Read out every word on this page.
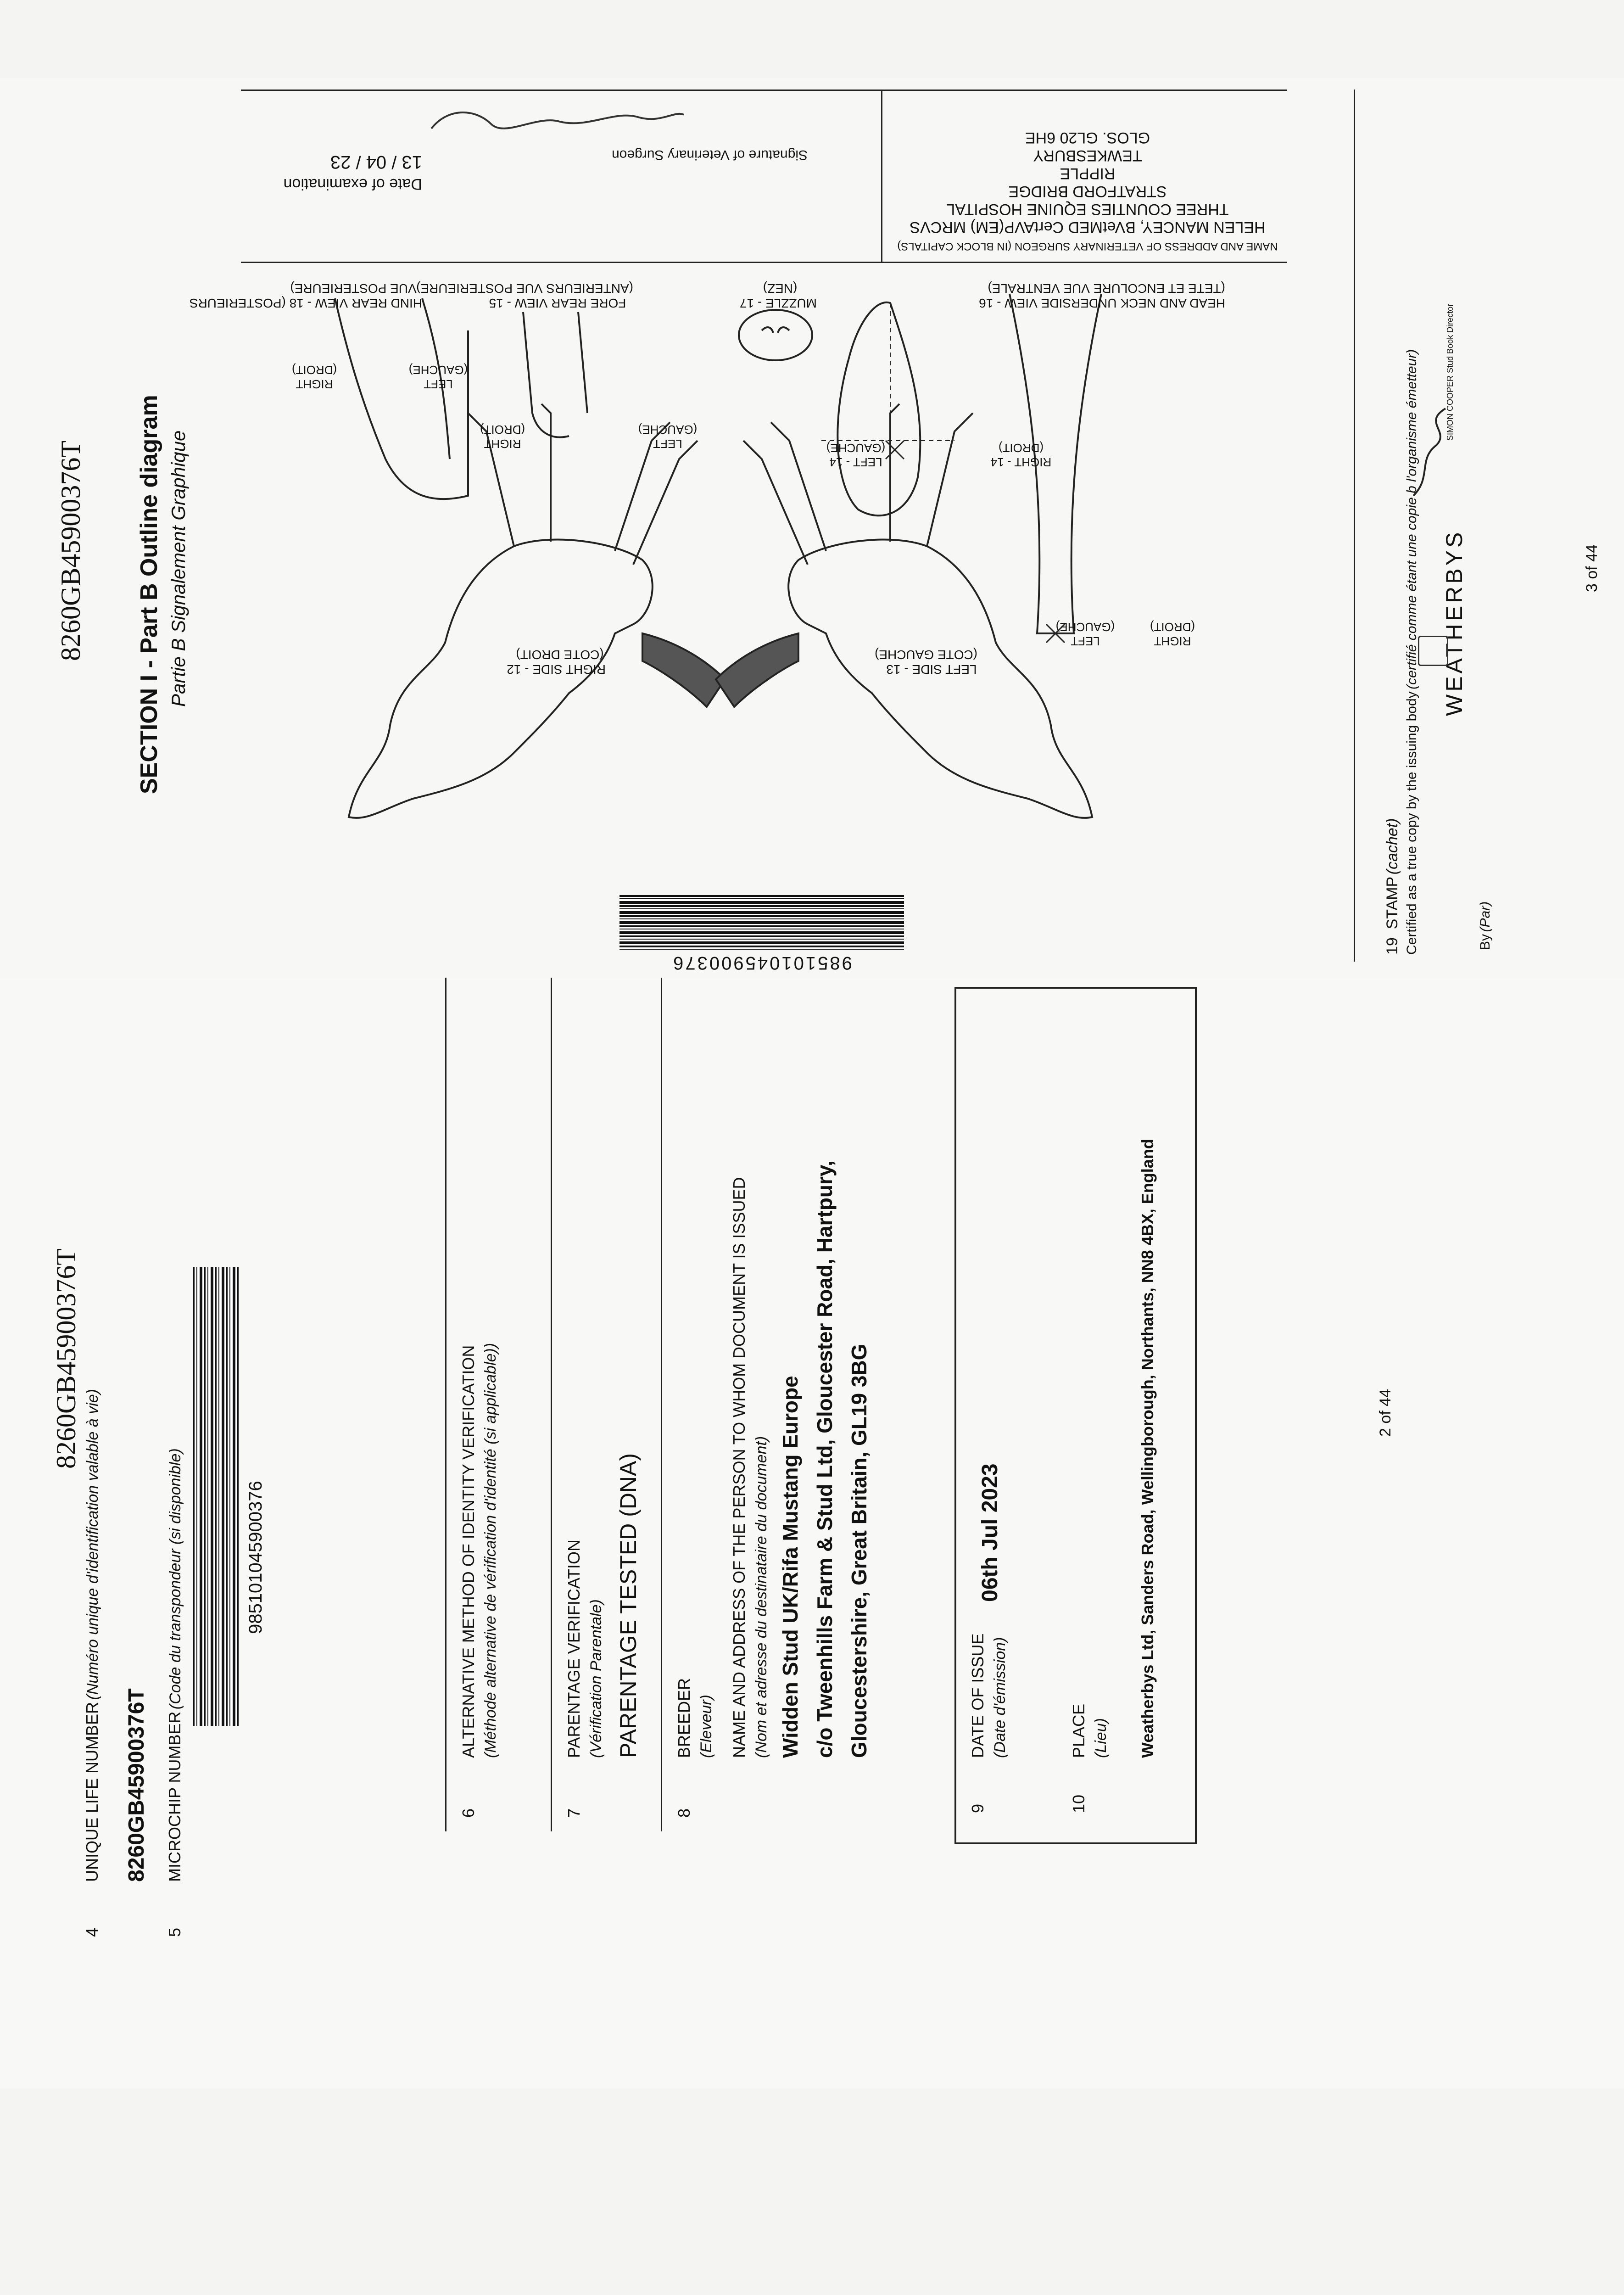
8260GB45900376T SECTION I - Part B Outline diagram Partie B Signalement Graphique
HIND REAR VIEW - 18 (POSTERIEURS
VUE POSTERIEURE)
FORE REAR VIEW - 15
(ANTERIEURS VUE POSTERIEURE)
MUZZLE - 17
(NEZ)
HEAD AND NECK UNDERSIDE VIEW - 16
(TETE ET ENCOLURE VUE VENTRALE)
RIGHT SIDE - 12
(COTE DROIT)
LEFT SIDE - 13
(COTE GAUCHE)
LEFT - 14
(GAUCHE)
RIGHT - 14
(DROIT)
RIGHT
(DROIT)
LEFT
(GAUCHE)
RIGHT
(DROIT)
LEFT
(GAUCHE)
LEFT
(GAUCHE)
RIGHT
(DROIT)
NAME AND ADDRESS OF VETERINARY SURGEON (IN BLOCK CAPITALS)
HELEN MANCEY, BVetMED CertAVP(EM) MRCVS
THREE COUNTIES EQUINE HOSPITAL
STRATFORD BRIDGE
RIPPLE
TEWKESBURY
GLOS. GL20 6HE
Date of examination
13 / 04 / 23	Signature of Veterinary Surgeon
19    STAMP (cachet) Certified as a true copy by the issuing body (certifié comme étant une copie b l'organisme émetteur)
By (Par)
WEATHERBYS
SIMON COOPER Stud Book Director
985101045900376
3 of 44
8260GB45900376T
4
UNIQUE LIFE NUMBER (Numéro unique d'identification valable à vie)
8260GB45900376T
5
MICROCHIP NUMBER (Code du transpondeur (si disponible)	985101045900376
6
ALTERNATIVE METHOD OF IDENTITY VERIFICATION (Méthode alternative de vérification d'identité (si applicable))
7
PARENTAGE VERIFICATION (Vérification Parentale) PARENTAGE TESTED (DNA)
8
BREEDER (Eleveur) NAME AND ADDRESS OF THE PERSON TO WHOM DOCUMENT IS ISSUED (Nom et adresse du destinataire du document) Widden Stud UK/Rifa Mustang Europe c/o Tweenhills Farm & Stud Ltd, Gloucester Road, Hartpury, Gloucestershire, Great Britain, GL19 3BG
9
DATE OF ISSUE (Date d'émission)
06th Jul 2023
10
PLACE (Lieu) Weatherbys Ltd, Sanders Road, Wellingborough, Northants, NN8 4BX, England	2 of 44
